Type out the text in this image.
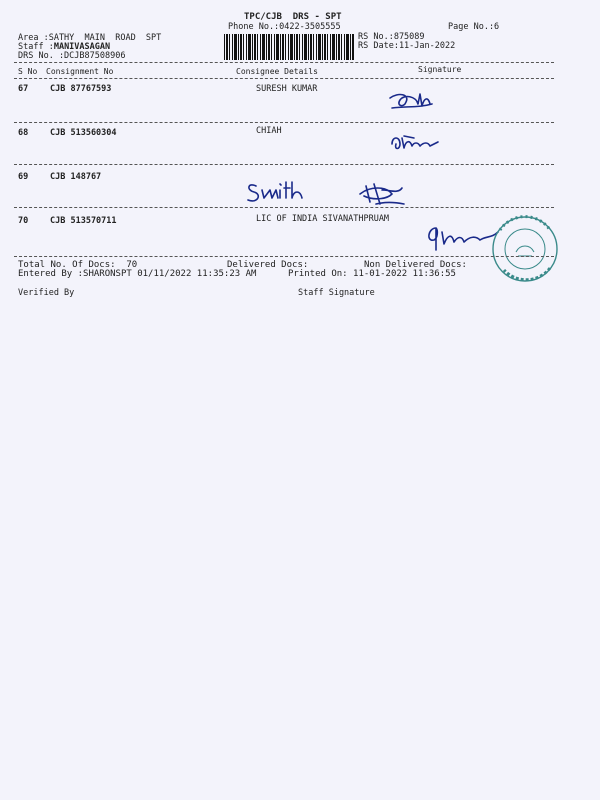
TPC/CJB  DRS - SPT
Phone No.:0422-3505555	Page No.:6
Area :SATHY  MAIN  ROAD  SPT
Staff :MANIVASAGAN
DRS No. :DCJB87508906
RS No.:875089
RS Date:11-Jan-2022
S No Consignment No	Consignee Details	Signature
67	CJB 87767593	SURESH KUMAR
68	CJB 513560304	CHIAH
69	CJB 148767
70	CJB 513570711	LIC OF INDIA SIVANATHPRUAM
Total No. Of Docs:  70	Delivered Docs:	Non Delivered Docs:
Entered By :SHARONSPT 01/11/2022 11:35:23 AM	Printed On: 11-01-2022 11:36:55
Verified By	Staff Signature
